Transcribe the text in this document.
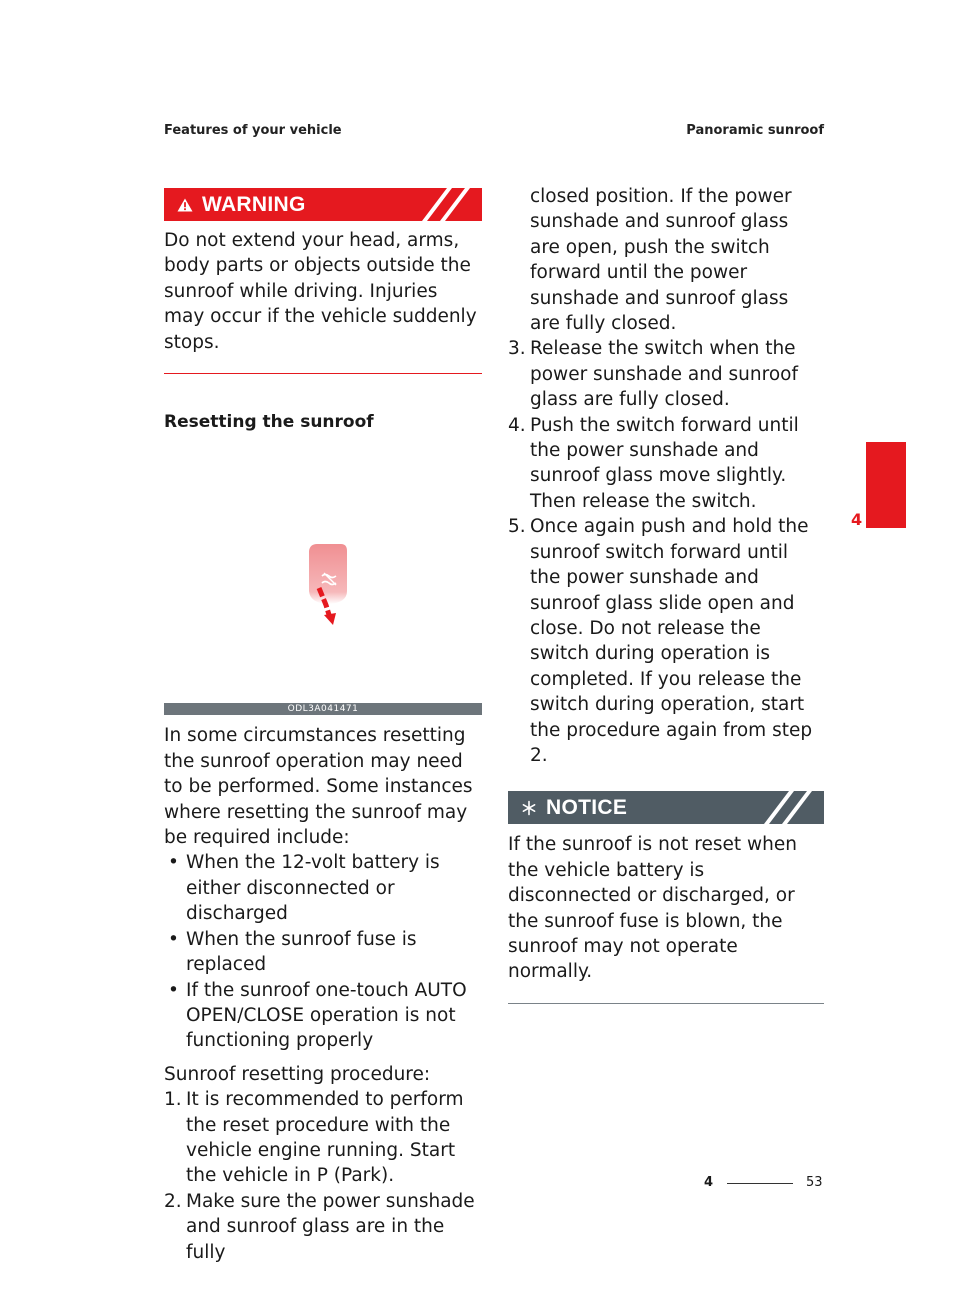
Features of your vehicle	Panoramic sunroof
WARNING

Do not extend your head, arms, body parts or objects outside the sunroof while driving. Injuries may occur if the vehicle suddenly stops.

Resetting the sunroof
ODL3A041471

In some circumstances resetting the sunroof operation may need to be performed. Some instances where resetting the sunroof may be required include:

• When the 12-volt battery is either disconnected or discharged
• When the sunroof fuse is replaced
• If the sunroof one-touch AUTO OPEN/CLOSE operation is not functioning properly

Sunroof resetting procedure:

1. It is recommended to perform the reset procedure with the vehicle engine running. Start the vehicle in P (Park).
2. Make sure the power sunshade and sunroof glass are in the fully
closed position. If the power sunshade and sunroof glass are open, push the switch forward until the power sunshade and sunroof glass are fully closed.
3. Release the switch when the power sunshade and sunroof glass are fully closed.
4. Push the switch forward until the power sunshade and sunroof glass move slightly. Then release the switch.
5. Once again push and hold the sunroof switch forward until the power sunshade and sunroof glass slide open and close. Do not release the switch during operation is completed. If you release the switch during operation, start the procedure again from step 2.
NOTICE

If the sunroof is not reset when the vehicle battery is disconnected or discharged, or the sunroof fuse is blown, the sunroof may not operate normally.

4
4	53
